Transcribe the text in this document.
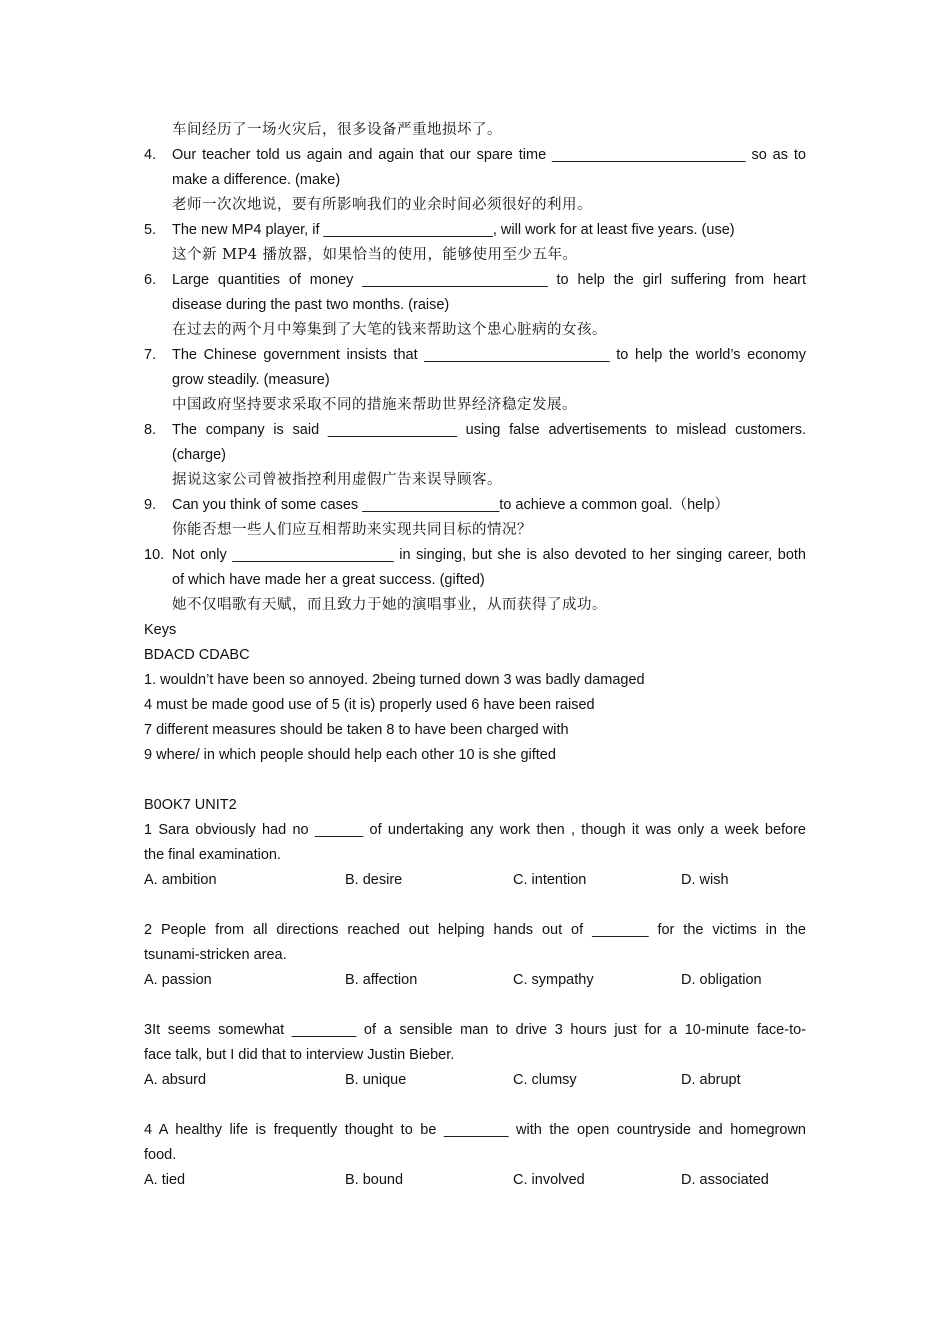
车间经历了一场火灾后，很多设备严重地损坏了。
4.	Our teacher told us again and again that our spare time ________________________ so as to
make a difference. (make)
老师一次次地说，要有所影响我们的业余时间必须很好的利用。
5.	The new MP4 player, if _____________________, will work for at least five years. (use)
这个新 MP4 播放器，如果恰当的使用，能够使用至少五年。
6.	Large quantities of money _______________________ to help the girl suffering from heart
disease during the past two months. (raise)
在过去的两个月中筹集到了大笔的钱来帮助这个患心脏病的女孩。
7.	The Chinese government insists that _______________________ to help the world’s economy
grow steadily. (measure)
中国政府坚持要求采取不同的措施来帮助世界经济稳定发展。
8.	The company is said ________________ using false advertisements to mislead customers.
(charge)
据说这家公司曾被指控利用虚假广告来误导顾客。
9.	Can you think of some cases _________________to achieve a common goal.（help）
你能否想一些人们应互相帮助来实现共同目标的情况？
10. Not only ____________________ in singing, but she is also devoted to her singing career, both
of which have made her a great success. (gifted)
她不仅唱歌有天赋，而且致力于她的演唱事业，从而获得了成功。
Keys
BDACD CDABC
1. wouldn’t have been so annoyed. 2being turned down 3 was badly damaged
4 must be made good use of 5 (it is) properly used 6 have been raised
7 different measures should be taken 8 to have been charged with
9 where/ in which people should help each other 10 is she gifted
B0OK7 UNIT2
1 Sara obviously had no ______ of undertaking any work then , though it was only a week before
the final examination.
A. ambition	B. desire	C. intention	D. wish
2 People from all directions reached out helping hands out of _______ for the victims in the
tsunami-stricken area.
A. passion	B. affection	C. sympathy	D. obligation
3It seems somewhat ________ of a sensible man to drive 3 hours just for a 10-minute face-to-
face talk, but I did that to interview Justin Bieber.
A. absurd	B. unique	C. clumsy	D. abrupt
4 A healthy life is frequently thought to be ________ with the open countryside and homegrown
food.
A. tied	B. bound	C. involved	D. associated
